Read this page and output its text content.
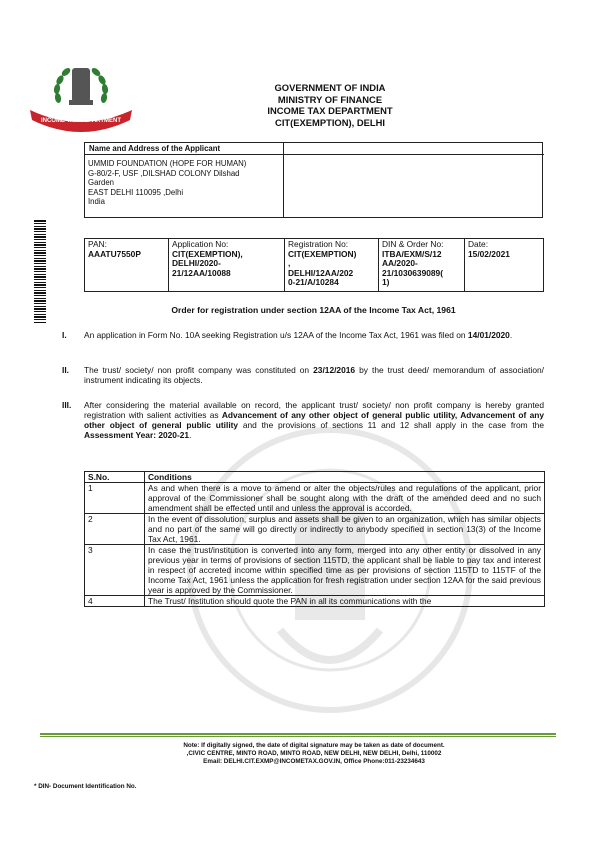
INCOME TAX DEPARTMENT
GOVERNMENT OF INDIA
MINISTRY OF FINANCE
INCOME TAX DEPARTMENT
CIT(EXEMPTION), DELHI
Name and Address of the Applicant
UMMID FOUNDATION (HOPE FOR HUMAN)
G-80/2-F, USF ,DILSHAD COLONY Dilshad
Garden
EAST DELHI 110095 ,Delhi
India
PAN:
AAATU7550P

Application No:
CIT(EXEMPTION),
DELHI/2020-
21/12AA/10088

Registration No:
CIT(EXEMPTION)
,
DELHI/12AA/202
0-21/A/10284

DIN & Order No:
ITBA/EXM/S/12
AA/2020-
21/1030639089(
1)

Date:
15/02/2021
Order for registration under section 12AA of the Income Tax Act, 1961
I. An application in Form No. 10A seeking Registration u/s 12AA of the Income Tax Act, 1961 was filed on 14/01/2020.
II. The trust/ society/ non profit company was constituted on 23/12/2016 by the trust deed/ memorandum of association/ instrument indicating its objects.
III. After considering the material available on record, the applicant trust/ society/ non profit company is hereby granted registration with salient activities as Advancement of any other object of general public utility, Advancement of any other object of general public utility and the provisions of sections 11 and 12 shall apply in the case from the Assessment Year: 2020-21.
S.No.	Conditions
1	As and when there is a move to amend or alter the objects/rules and regulations of the applicant, prior approval of the Commissioner shall be sought along with the draft of the amended deed and no such amendment shall be effected until and unless the approval is accorded.
2	In the event of dissolution, surplus and assets shall be given to an organization, which has similar objects and no part of the same will go directly or indirectly to anybody specified in section 13(3) of the Income Tax Act, 1961.
3	In case the trust/institution is converted into any form, merged into any other entity or dissolved in any previous year in terms of provisions of section 115TD, the applicant shall be liable to pay tax and interest in respect of accreted income within specified time as per provisions of section 115TD to 115TF of the Income Tax Act, 1961 unless the application for fresh registration under section 12AA for the said previous year is approved by the Commissioner.
4	The Trust/ Institution should quote the PAN in all its communications with the
Note: If digitally signed, the date of digital signature may be taken as date of document.
,CIVIC CENTRE, MINTO ROAD, MINTO ROAD, NEW DELHI, NEW DELHI, Delhi, 110002
Email: DELHI.CIT.EXMP@INCOMETAX.GOV.IN, Office Phone:011-23234643
* DIN- Document Identification No.
